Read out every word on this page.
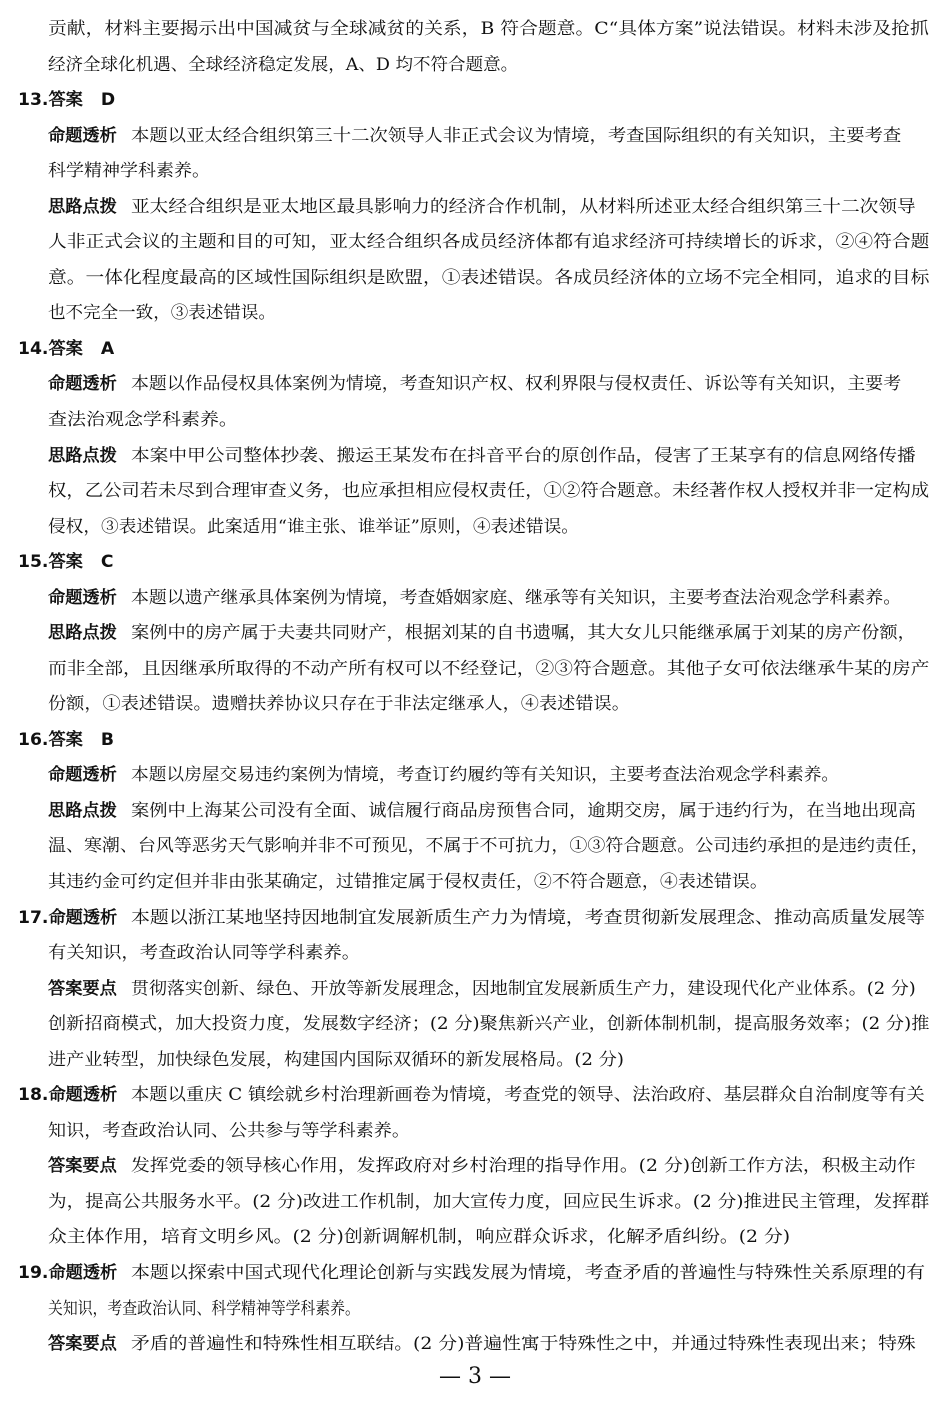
贡献，材料主要揭示出中国减贫与全球减贫的关系，B 符合题意。C“具体方案”说法错误。材料未涉及抢抓
经济全球化机遇、全球经济稳定发展，A、D 均不符合题意。
13.答案 D
命题透析 本题以亚太经合组织第三十二次领导人非正式会议为情境，考查国际组织的有关知识，主要考查
科学精神学科素养。
思路点拨 亚太经合组织是亚太地区最具影响力的经济合作机制，从材料所述亚太经合组织第三十二次领导
人非正式会议的主题和目的可知，亚太经合组织各成员经济体都有追求经济可持续增长的诉求，②④符合题
意。一体化程度最高的区域性国际组织是欧盟，①表述错误。各成员经济体的立场不完全相同，追求的目标
也不完全一致，③表述错误。
14.答案 A
命题透析 本题以作品侵权具体案例为情境，考查知识产权、权利界限与侵权责任、诉讼等有关知识，主要考
查法治观念学科素养。
思路点拨 本案中甲公司整体抄袭、搬运王某发布在抖音平台的原创作品，侵害了王某享有的信息网络传播
权，乙公司若未尽到合理审查义务，也应承担相应侵权责任，①②符合题意。未经著作权人授权并非一定构成
侵权，③表述错误。此案适用“谁主张、谁举证”原则，④表述错误。
15.答案 C
命题透析 本题以遗产继承具体案例为情境，考查婚姻家庭、继承等有关知识，主要考查法治观念学科素养。
思路点拨 案例中的房产属于夫妻共同财产，根据刘某的自书遗嘱，其大女儿只能继承属于刘某的房产份额，
而非全部，且因继承所取得的不动产所有权可以不经登记，②③符合题意。其他子女可依法继承牛某的房产
份额，①表述错误。遗赠扶养协议只存在于非法定继承人，④表述错误。
16.答案 B
命题透析 本题以房屋交易违约案例为情境，考查订约履约等有关知识，主要考查法治观念学科素养。
思路点拨 案例中上海某公司没有全面、诚信履行商品房预售合同，逾期交房，属于违约行为，在当地出现高
温、寒潮、台风等恶劣天气影响并非不可预见，不属于不可抗力，①③符合题意。公司违约承担的是违约责任，
其违约金可约定但并非由张某确定，过错推定属于侵权责任，②不符合题意，④表述错误。
17.命题透析 本题以浙江某地坚持因地制宜发展新质生产力为情境，考查贯彻新发展理念、推动高质量发展等
有关知识，考查政治认同等学科素养。
答案要点 贯彻落实创新、绿色、开放等新发展理念，因地制宜发展新质生产力，建设现代化产业体系。(2 分)
创新招商模式，加大投资力度，发展数字经济；(2 分)聚焦新兴产业，创新体制机制，提高服务效率；(2 分)推
进产业转型，加快绿色发展，构建国内国际双循环的新发展格局。(2 分)
18.命题透析 本题以重庆 C 镇绘就乡村治理新画卷为情境，考查党的领导、法治政府、基层群众自治制度等有关
知识，考查政治认同、公共参与等学科素养。
答案要点 发挥党委的领导核心作用，发挥政府对乡村治理的指导作用。(2 分)创新工作方法，积极主动作
为，提高公共服务水平。(2 分)改进工作机制，加大宣传力度，回应民生诉求。(2 分)推进民主管理，发挥群
众主体作用，培育文明乡风。(2 分)创新调解机制，响应群众诉求，化解矛盾纠纷。(2 分)
19.命题透析 本题以探索中国式现代化理论创新与实践发展为情境，考查矛盾的普遍性与特殊性关系原理的有
关知识，考查政治认同、科学精神等学科素养。
— 3 —
答案要点 矛盾的普遍性和特殊性相互联结。(2 分)普遍性寓于特殊性之中，并通过特殊性表现出来；特殊
